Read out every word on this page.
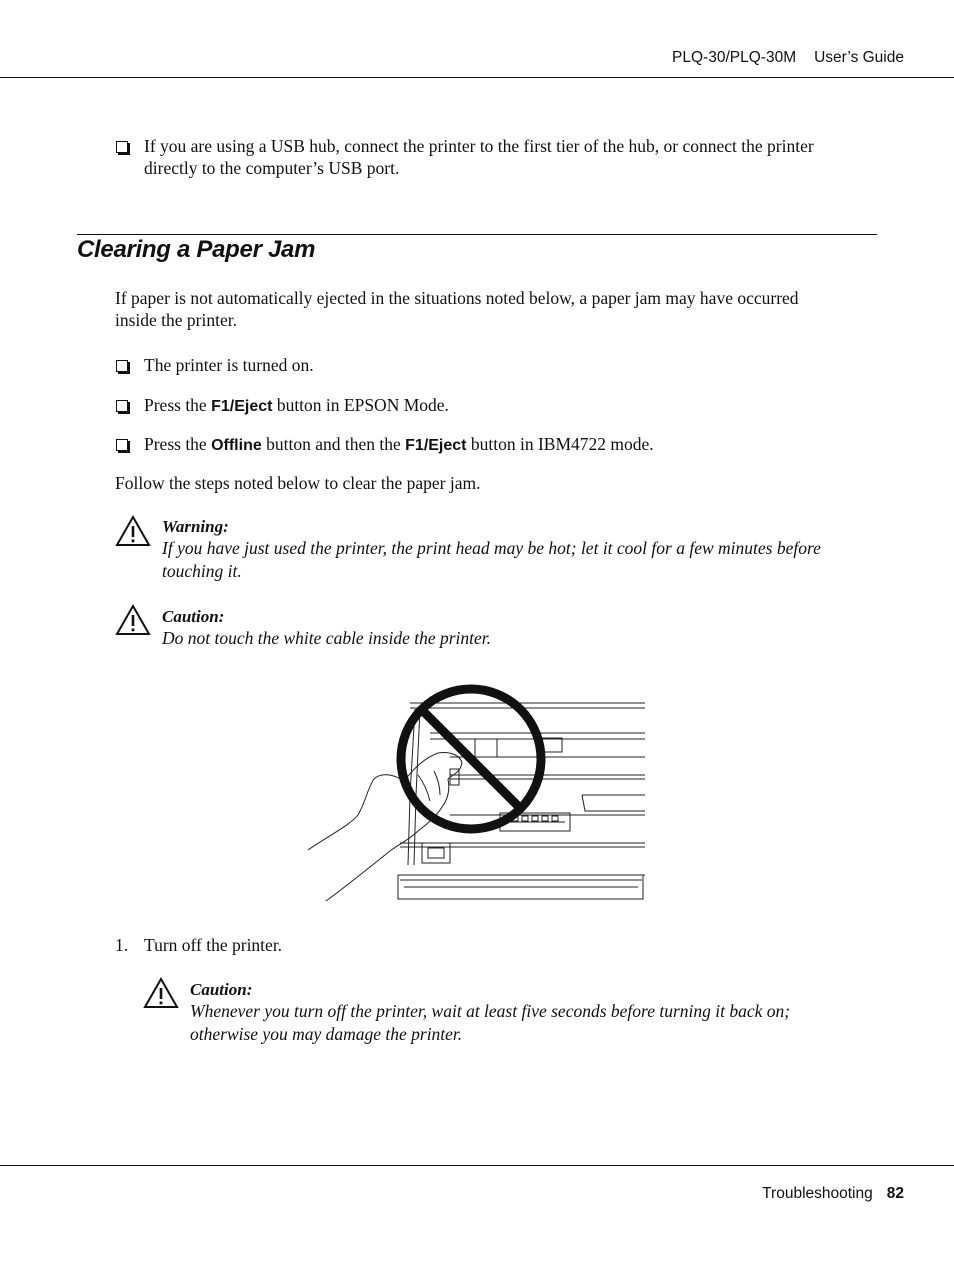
PLQ-30/PLQ-30M User’s Guide
If you are using a USB hub, connect the printer to the first tier of the hub, or connect the printer
directly to the computer’s USB port.
Clearing a Paper Jam
If paper is not automatically ejected in the situations noted below, a paper jam may have occurred
inside the printer.
The printer is turned on.
Press the F1/Eject button in EPSON Mode.
Press the Offline button and then the F1/Eject button in IBM4722 mode.
Follow the steps noted below to clear the paper jam.
Warning:
If you have just used the printer, the print head may be hot; let it cool for a few minutes before
touching it.
Caution:
Do not touch the white cable inside the printer.
1. Turn off the printer.
Caution:
Whenever you turn off the printer, wait at least five seconds before turning it back on;
otherwise you may damage the printer.
Troubleshooting 82
